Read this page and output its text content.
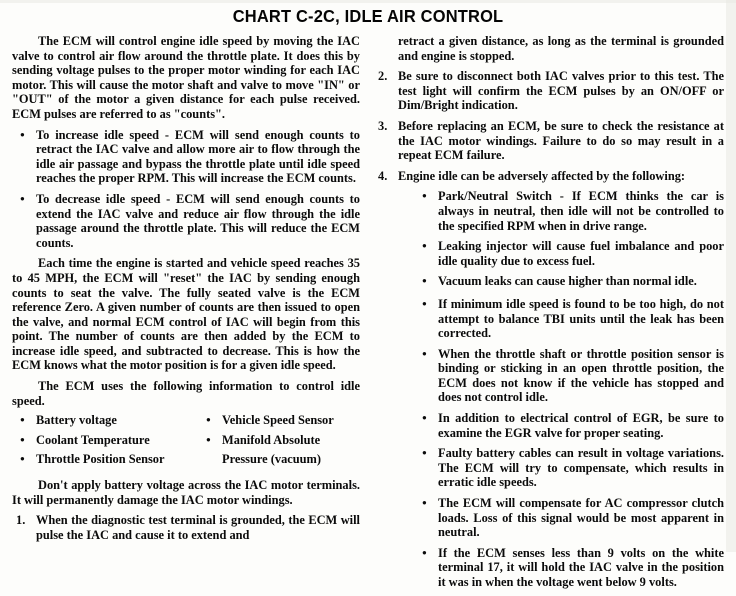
CHART C-2C, IDLE AIR CONTROL

The ECM will control engine idle speed by moving the IAC valve to control air flow around the throttle plate. It does this by sending voltage pulses to the proper motor winding for each IAC motor. This will cause the motor shaft and valve to move "IN" or "OUT" of the motor a given distance for each pulse received. ECM pulses are referred to as "counts".

●
To increase idle speed - ECM will send enough counts to retract the IAC valve and allow more air to flow through the idle air passage and bypass the throttle plate until idle speed reaches the proper RPM. This will increase the ECM counts.
●
To decrease idle speed - ECM will send enough counts to extend the IAC valve and reduce air flow through the idle passage around the throttle plate. This will reduce the ECM counts.

Each time the engine is started and vehicle speed reaches 35 to 45 MPH, the ECM will "reset" the IAC by sending enough counts to seat the valve. The fully seated valve is the ECM reference Zero. A given number of counts are then issued to open the valve, and normal ECM control of IAC will begin from this point. The number of counts are then added by the ECM to increase idle speed, and subtracted to decrease. This is how the ECM knows what the motor position is for a given idle speed.

The ECM uses the following information to control idle speed.

●
Battery voltage
●
Coolant Temperature
●
Throttle Position Sensor
●
Vehicle Speed Sensor
●
Manifold Absolute
Pressure (vacuum)

Don't apply battery voltage across the IAC motor terminals. It will permanently damage the IAC motor windings.

1. When the diagnostic test terminal is grounded, the ECM will pulse the IAC and cause it to extend and
retract a given distance, as long as the terminal is grounded and engine is stopped.
2. Be sure to disconnect both IAC valves prior to this test. The test light will confirm the ECM pulses by an ON/OFF or Dim/Bright indication.
3. Before replacing an ECM, be sure to check the resistance at the IAC motor windings. Failure to do so may result in a repeat ECM failure.
4. Engine idle can be adversely affected by the following:
●
Park/Neutral Switch - If ECM thinks the car is always in neutral, then idle will not be controlled to the specified RPM when in drive range.
●
Leaking injector will cause fuel imbalance and poor idle quality due to excess fuel.
●
Vacuum leaks can cause higher than normal idle.
●
If minimum idle speed is found to be too high, do not attempt to balance TBI units until the leak has been corrected.
●
When the throttle shaft or throttle position sensor is binding or sticking in an open throttle position, the ECM does not know if the vehicle has stopped and does not control idle.
●
In addition to electrical control of EGR, be sure to examine the EGR valve for proper seating.
●
Faulty battery cables can result in voltage variations. The ECM will try to compensate, which results in erratic idle speeds.
●
The ECM will compensate for AC compressor clutch loads. Loss of this signal would be most apparent in neutral.
●
If the ECM senses less than 9 volts on the white terminal 17, it will hold the IAC valve in the position it was in when the voltage went below 9 volts.
